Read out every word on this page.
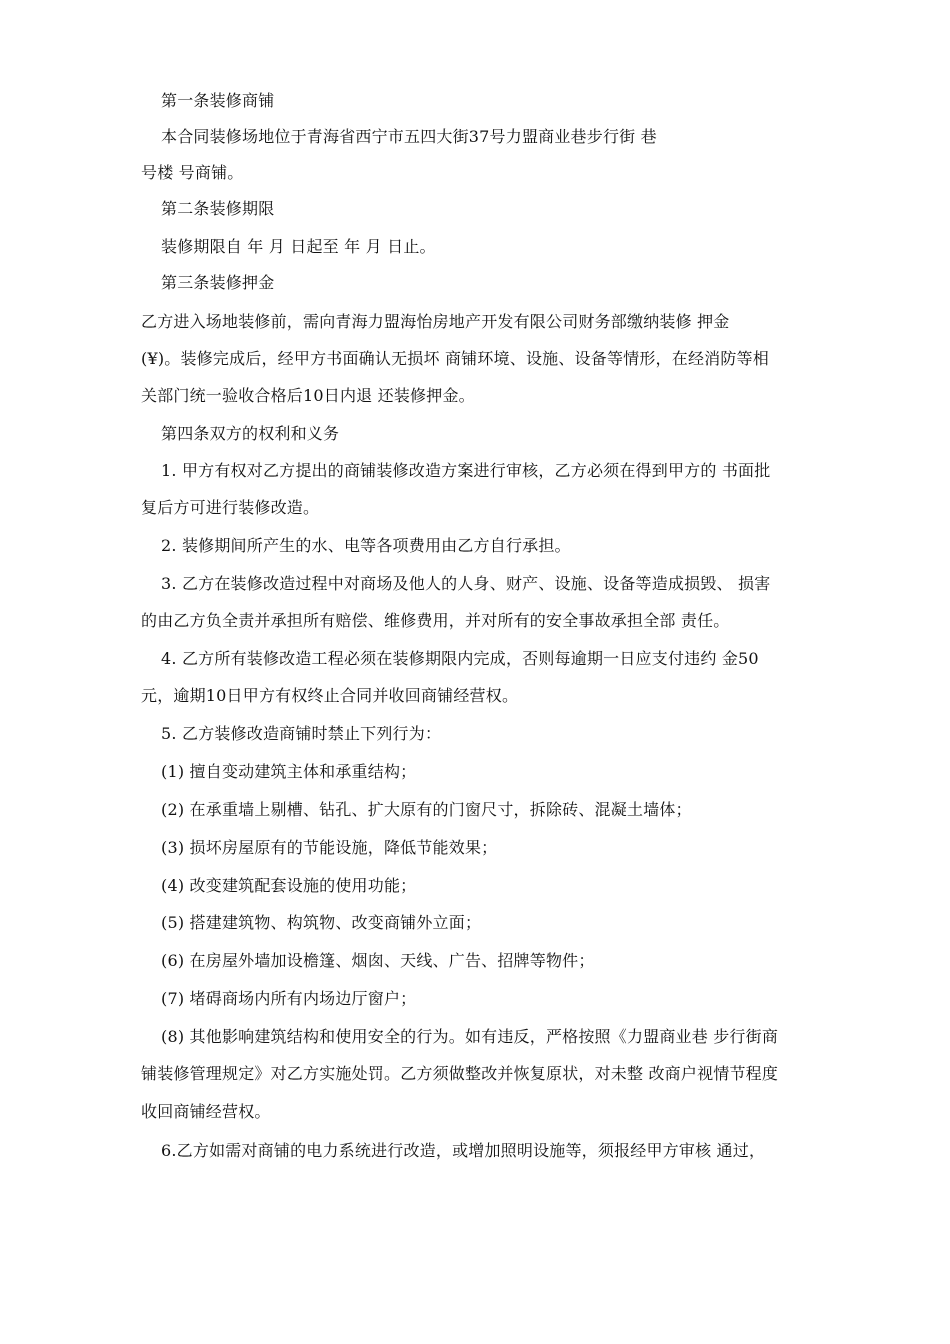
第一条装修商铺
本合同装修场地位于青海省西宁市五四大街37号力盟商业巷步行街 巷
号楼 号商铺。
第二条装修期限
装修期限自 年 月 日起至 年 月 日止。
第三条装修押金
乙方进入场地装修前，需向青海力盟海怡房地产开发有限公司财务部缴纳装修 押金
(¥)。装修完成后，经甲方书面确认无损坏 商铺环境、设施、设备等情形，在经消防等相
关部门统一验收合格后10日内退 还装修押金。
第四条双方的权利和义务
1. 甲方有权对乙方提出的商铺装修改造方案进行审核，乙方必须在得到甲方的 书面批
复后方可进行装修改造。
2. 装修期间所产生的水、电等各项费用由乙方自行承担。
3. 乙方在装修改造过程中对商场及他人的人身、财产、设施、设备等造成损毁、 损害
的由乙方负全责并承担所有赔偿、维修费用，并对所有的安全事故承担全部 责任。
4. 乙方所有装修改造工程必须在装修期限内完成，否则每逾期一日应支付违约 金50
元，逾期10日甲方有权终止合同并收回商铺经营权。
5. 乙方装修改造商铺时禁止下列行为：
(1) 擅自变动建筑主体和承重结构；
(2) 在承重墙上剔槽、钻孔、扩大原有的门窗尺寸，拆除砖、混凝土墙体；
(3) 损坏房屋原有的节能设施，降低节能效果；
(4) 改变建筑配套设施的使用功能；
(5) 搭建建筑物、构筑物、改变商铺外立面；
(6) 在房屋外墙加设檐篷、烟囱、天线、广告、招牌等物件；
(7) 堵碍商场内所有内场边厅窗户；
(8) 其他影响建筑结构和使用安全的行为。如有违反，严格按照《力盟商业巷 步行街商
铺装修管理规定》对乙方实施处罚。乙方须做整改并恢复原状，对未整 改商户视情节程度
收回商铺经营权。
6.乙方如需对商铺的电力系统进行改造，或增加照明设施等，须报经甲方审核 通过，
